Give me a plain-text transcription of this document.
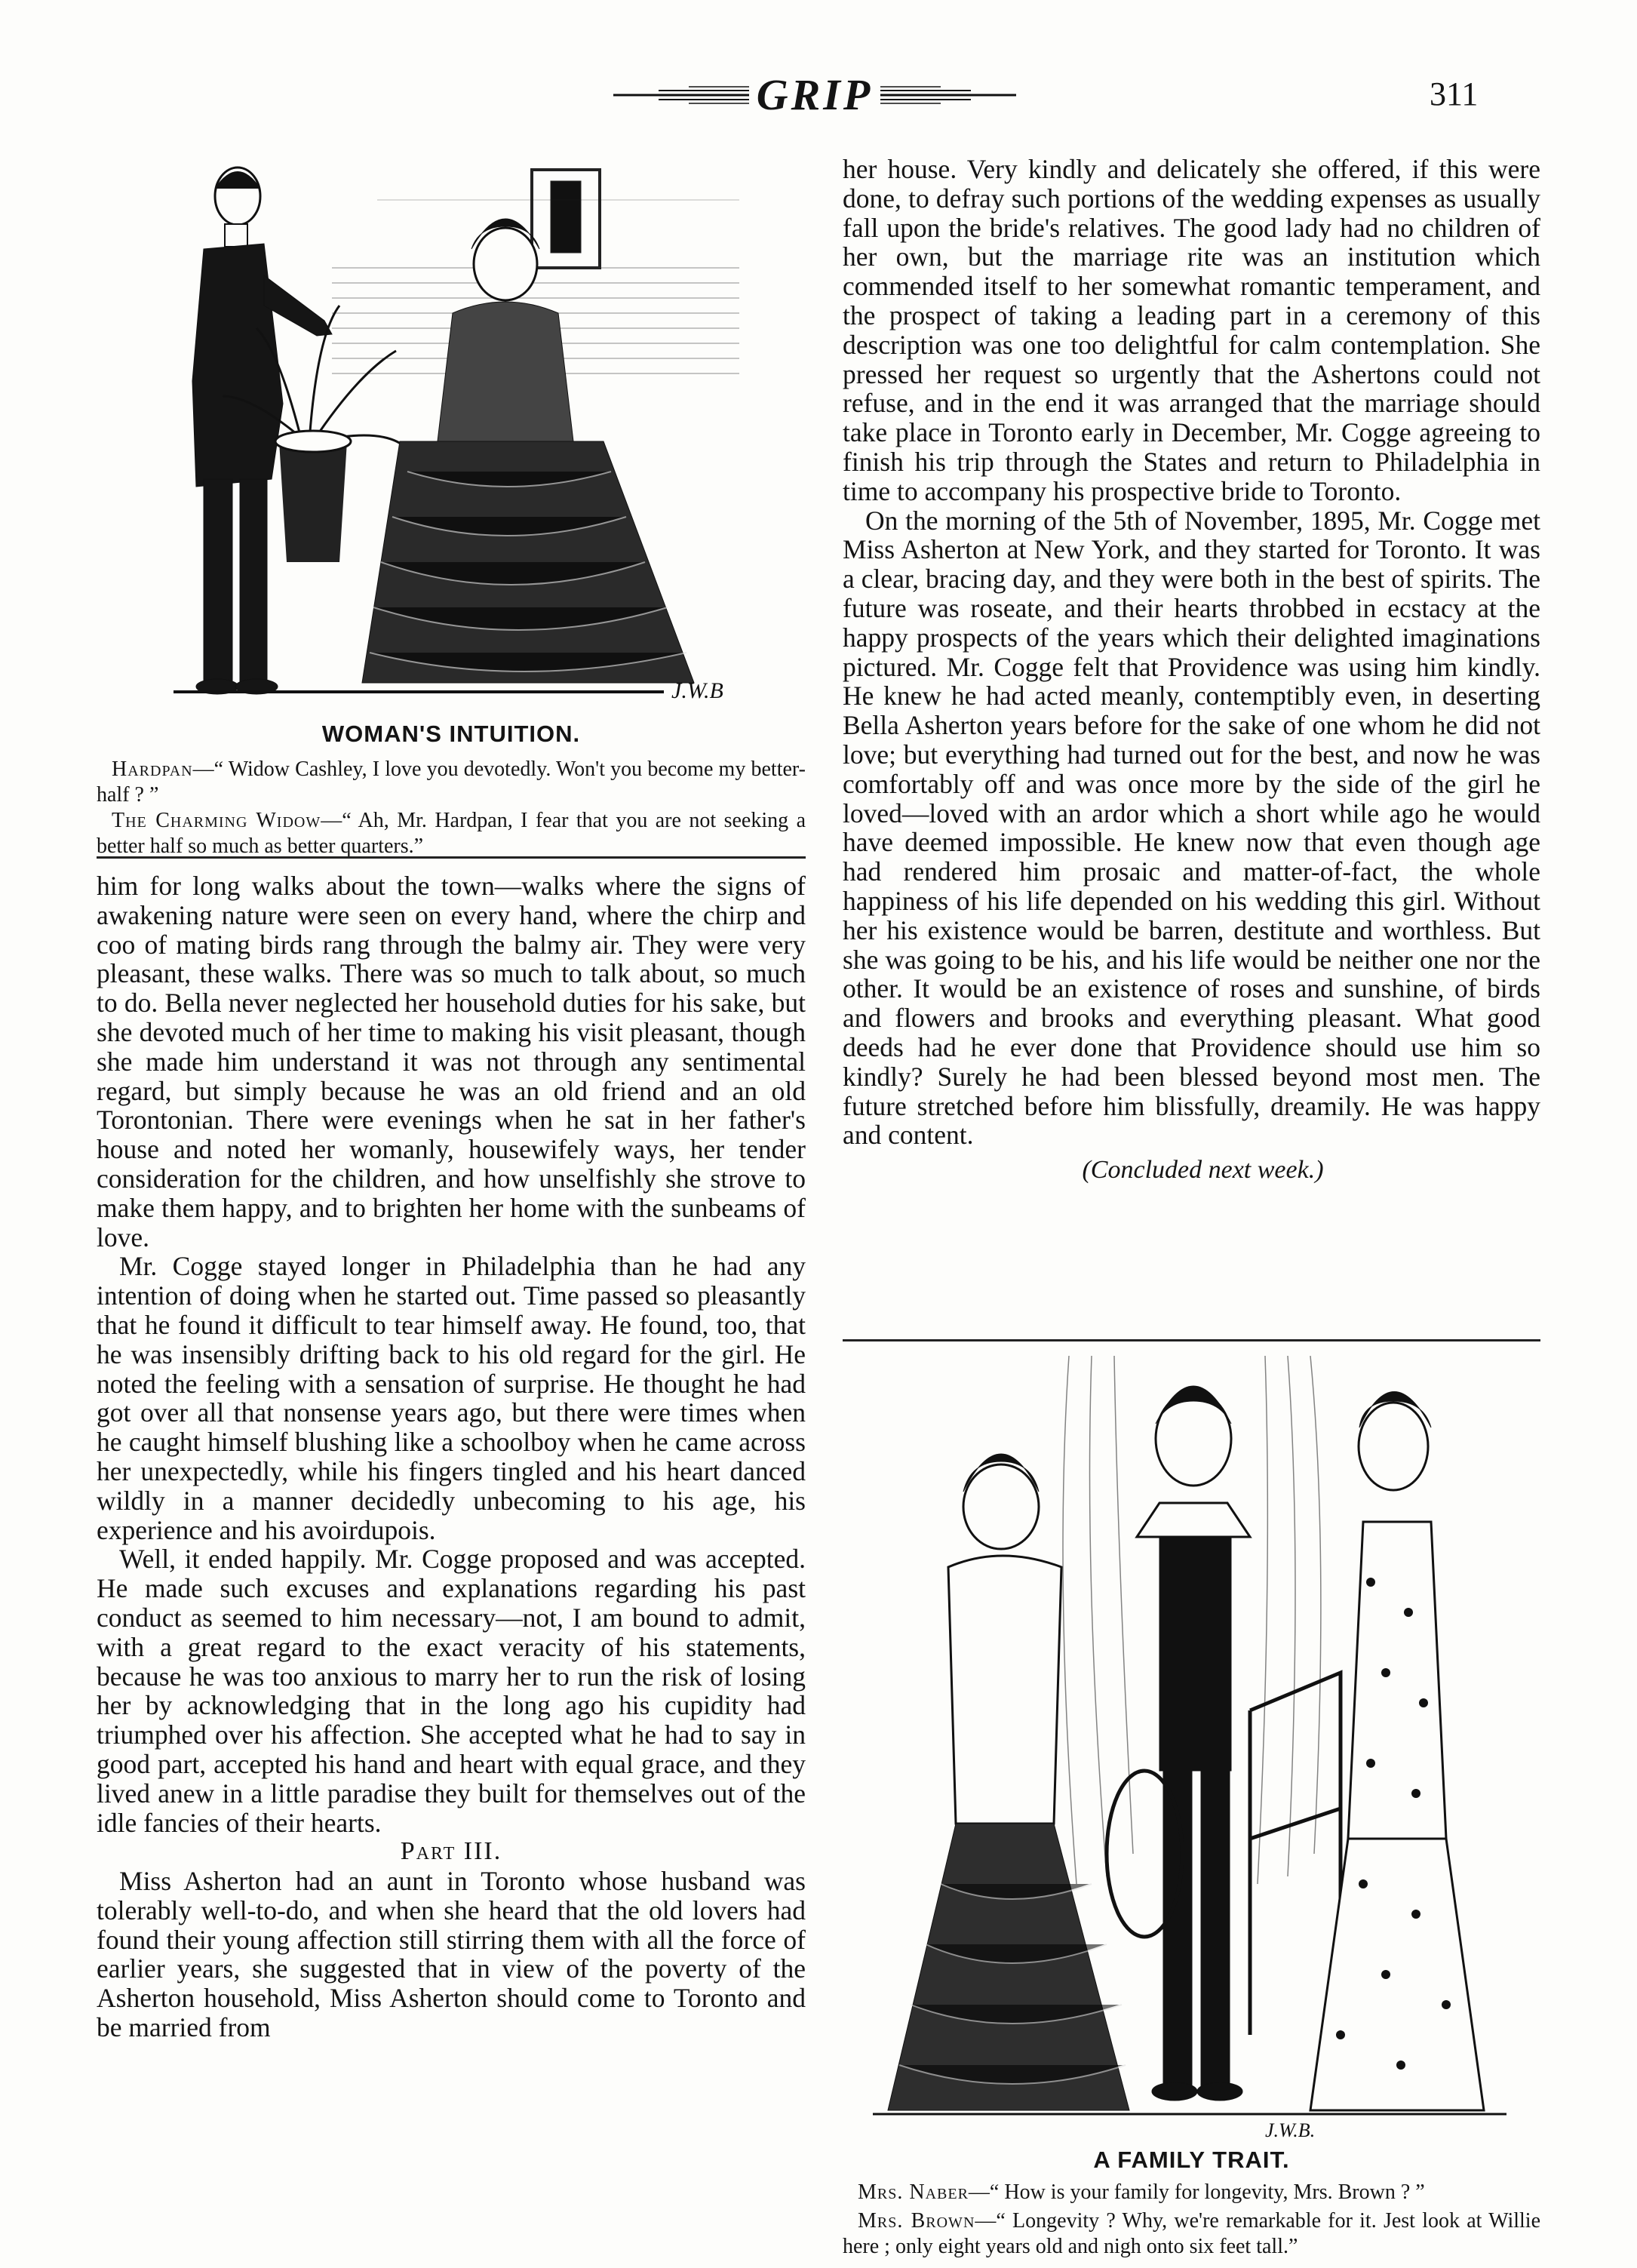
GRIP	311
J.W.B
WOMAN'S INTUITION.
Hardpan—“ Widow Cashley, I love you devotedly. Won't you become my better-half ? ”
The Charming Widow—“ Ah, Mr. Hardpan, I fear that you are not seeking a better half so much as better quarters.”

him for long walks about the town—walks where the signs of awakening nature were seen on every hand, where the chirp and coo of mating birds rang through the balmy air. They were very pleasant, these walks. There was so much to talk about, so much to do. Bella never neglected her household duties for his sake, but she devoted much of her time to making his visit pleasant, though she made him understand it was not through any sentimental regard, but simply because he was an old friend and an old Torontonian. There were evenings when he sat in her father's house and noted her womanly, housewifely ways, her tender consideration for the children, and how unselfishly she strove to make them happy, and to brighten her home with the sunbeams of love.

Mr. Cogge stayed longer in Philadelphia than he had any intention of doing when he started out. Time passed so pleasantly that he found it difficult to tear himself away. He found, too, that he was insensibly drifting back to his old regard for the girl. He noted the feeling with a sensation of surprise. He thought he had got over all that nonsense years ago, but there were times when he caught himself blushing like a schoolboy when he came across her unexpectedly, while his fingers tingled and his heart danced wildly in a manner decidedly unbecoming to his age, his experience and his avoirdupois.

Well, it ended happily. Mr. Cogge proposed and was accepted. He made such excuses and explanations regarding his past conduct as seemed to him necessary—not, I am bound to admit, with a great regard to the exact veracity of his statements, because he was too anxious to marry her to run the risk of losing her by acknowledging that in the long ago his cupidity had triumphed over his affection. She accepted what he had to say in good part, accepted his hand and heart with equal grace, and they lived anew in a little paradise they built for themselves out of the idle fancies of their hearts.

Part III.

Miss Asherton had an aunt in Toronto whose husband was tolerably well-to-do, and when she heard that the old lovers had found their young affection still stirring them with all the force of earlier years, she suggested that in view of the poverty of the Asherton household, Miss Asherton should come to Toronto and be married from

her house. Very kindly and delicately she offered, if this were done, to defray such portions of the wedding expenses as usually fall upon the bride's relatives. The good lady had no children of her own, but the marriage rite was an institution which commended itself to her somewhat romantic temperament, and the prospect of taking a leading part in a ceremony of this description was one too delightful for calm contemplation. She pressed her request so urgently that the Ashertons could not refuse, and in the end it was arranged that the marriage should take place in Toronto early in December, Mr. Cogge agreeing to finish his trip through the States and return to Philadelphia in time to accompany his prospective bride to Toronto.

On the morning of the 5th of November, 1895, Mr. Cogge met Miss Asherton at New York, and they started for Toronto. It was a clear, bracing day, and they were both in the best of spirits. The future was roseate, and their hearts throbbed in ecstacy at the happy prospects of the years which their delighted imaginations pictured. Mr. Cogge felt that Providence was using him kindly. He knew he had acted meanly, contemptibly even, in deserting Bella Asherton years before for the sake of one whom he did not love; but everything had turned out for the best, and now he was comfortably off and was once more by the side of the girl he loved—loved with an ardor which a short while ago he would have deemed impossible. He knew now that even though age had rendered him prosaic and matter-of-fact, the whole happiness of his life depended on his wedding this girl. Without her his existence would be barren, destitute and worthless. But she was going to be his, and his life would be neither one nor the other. It would be an existence of roses and sunshine, of birds and flowers and brooks and everything pleasant. What good deeds had he ever done that Providence should use him so kindly? Surely he had been blessed beyond most men. The future stretched before him blissfully, dreamily. He was happy and content.

(Concluded next week.)

J.W.B.
A FAMILY TRAIT.
Mrs. Naber—“ How is your family for longevity, Mrs. Brown ? ”
Mrs. Brown—“ Longevity ? Why, we're remarkable for it. Jest look at Willie here ; only eight years old and nigh onto six feet tall.”
